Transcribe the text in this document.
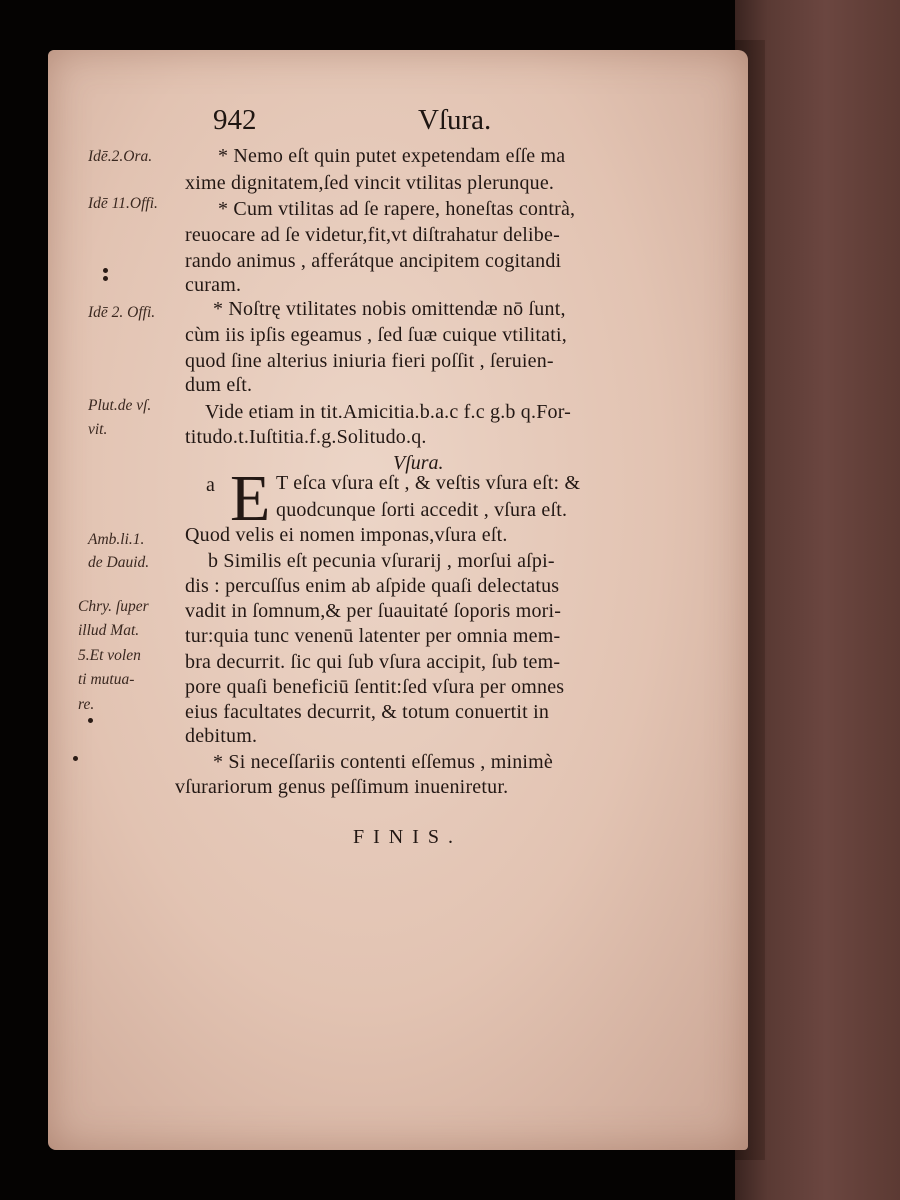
942	Vſura.
Idē.2.Ora.
Idē 11.Offi.
Idē 2. Offi.
Plut.de vſ.
vit.
Amb.li.1.
de Dauid.
Chry. ſuper
illud Mat.
5.Et volen
ti mutua-
re.
* Nemo eſt quin putet expetendam eſſe ma
xime dignitatem,ſed vincit vtilitas plerunque.
* Cum vtilitas ad ſe rapere, honeſtas contrà,
reuocare ad ſe videtur,fit,vt diſtrahatur delibe-
rando animus , afferátque ancipitem cogitandi
curam.
* Noſtrę vtilitates nobis omittendæ nō ſunt,
cùm iis ipſis egeamus , ſed ſuæ cuique vtilitati,
quod ſine alterius iniuria fieri poſſit , ſeruien-
dum eſt.
Vide etiam in tit.Amicitia.b.a.c f.c g.b q.For-
titudo.t.Iuſtitia.f.g.Solitudo.q.
Vſura.
a E T eſca vſura eſt , & veſtis vſura eſt: &
quodcunque ſorti accedit , vſura eſt.
Quod velis ei nomen imponas,vſura eſt.
b Similis eſt pecunia vſurarij , morſui aſpi-
dis : percuſſus enim ab aſpide quaſi delectatus
vadit in ſomnum,& per ſuauitaté ſoporis mori-
tur:quia tunc venenū latenter per omnia mem-
bra decurrit. ſic qui ſub vſura accipit, ſub tem-
pore quaſi beneficiū ſentit:ſed vſura per omnes
eius facultates decurrit, & totum conuertit in
debitum.
* Si neceſſariis contenti eſſemus , minimè
vſurariorum genus peſſimum inueniretur.
FINIS.
